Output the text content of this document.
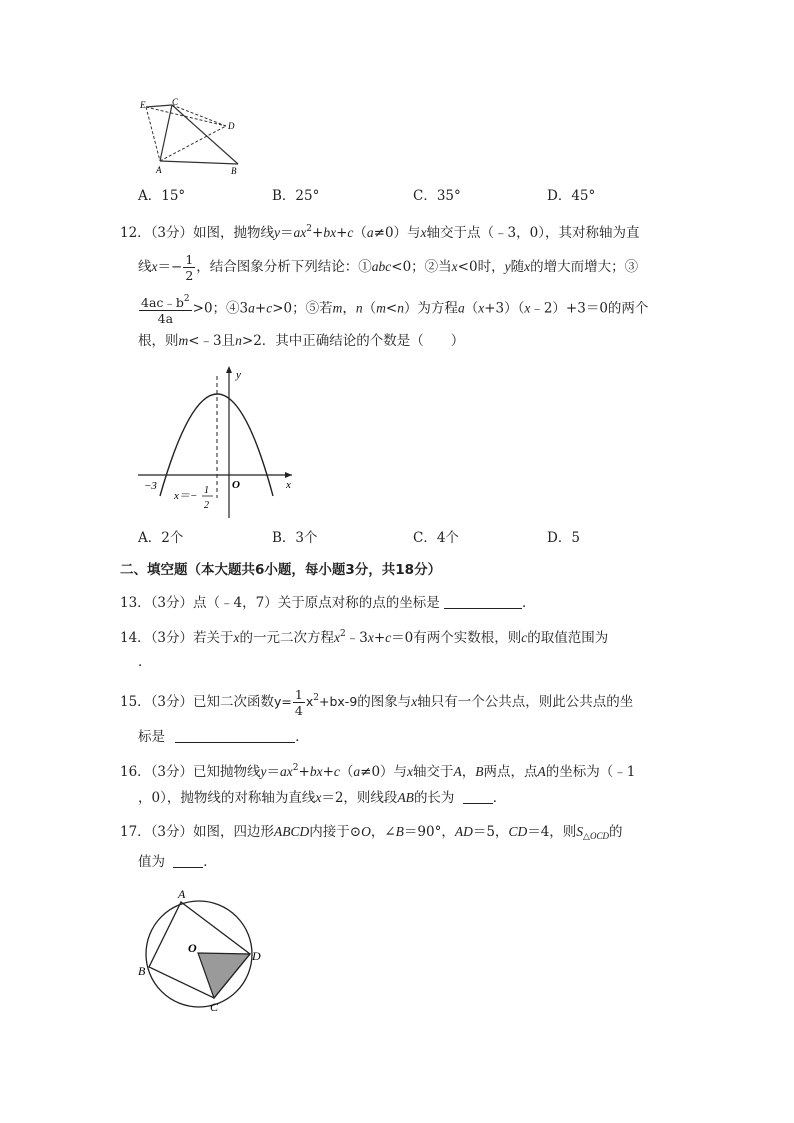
E	C
D
A	B
A．15°	B．25°	C．35°	D．45°
12．（3分）如图，抛物线$y=ax^2+bx+c(a\ne 0)$与x轴交于点（﹣3，0），其对称轴为直
线$x=- \frac{1}{2}$ ，结合图象分析下列结论：①abc<0；②当x<0时，y随x的增大而增大；③
$\frac{4ac﹣b^2}{4a} >0$；④3a+c>0；⑤若m，n（m<n）为方程a（x+3）（x﹣2）+3＝0的两个
根，则m<﹣3且n>2．其中正确结论的个数是（　　）
y
x
O
−3
x＝− 1
2
A．2个	B．3个	C．4个	D．5
二、填空题（本大题共6小题，每小题3分，共18分）
13．（3分）点（﹣4，7）关于原点对称的点的坐标是	．
14．（3分）若关于x的一元二次方程$x^2﹣3x+c=0$有两个实数根，则c的取值范围为
．
15．（3分）已知二次函数$y= \frac{1}{4} x^2+bx-9$的图象与x轴只有一个公共点，则此公共点的坐
标是	．
16．（3分）已知抛物线$y=ax^2+bx+c(a\ne 0)$与x轴交于A，B两点，点A的坐标为（﹣1
，0），抛物线的对称轴为直线x＝2，则线段AB的长为	．
17．（3分）如图，四边形ABCD内接于⊙O，∠B＝90°，AD＝5，CD＝4，则$S_{\triangle OCD}$的
值为	．
A
O
D
B
C
